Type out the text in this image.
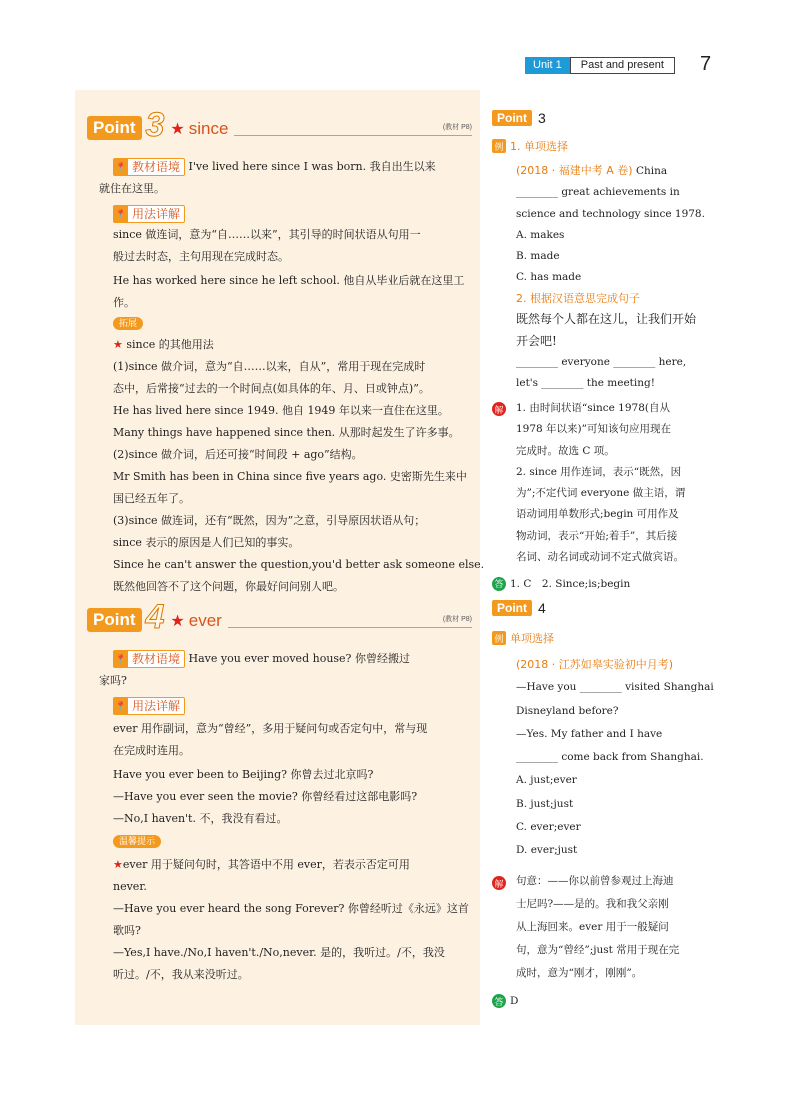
Unit 1	Past and present	7
Point 3 ★ since	(教材 P8)
📍 教材语境 I've lived here since I was born. 我自出生以来
就住在这里。
📍 用法详解
since 做连词，意为“自……以来”，其引导的时间状语从句用一
般过去时态，主句用现在完成时态。
He has worked here since he left school. 他自从毕业后就在这里工
作。
拓展
★ since 的其他用法
(1)since 做介词，意为“自……以来，自从”，常用于现在完成时
态中，后常接“过去的一个时间点(如具体的年、月、日或钟点)”。
He has lived here since 1949. 他自 1949 年以来一直住在这里。
Many things have happened since then. 从那时起发生了许多事。
(2)since 做介词，后还可接“时间段 + ago”结构。
Mr Smith has been in China since five years ago. 史密斯先生来中
国已经五年了。
(3)since 做连词，还有“既然，因为”之意，引导原因状语从句；
since 表示的原因是人们已知的事实。
Since he can't answer the question,you'd better ask someone else.
既然他回答不了这个问题，你最好问问别人吧。
Point 4 ★ ever	(教材 P8)
📍 教材语境 Have you ever moved house? 你曾经搬过
家吗?
📍 用法详解
ever 用作副词，意为“曾经”，多用于疑问句或否定句中，常与现
在完成时连用。
Have you ever been to Beijing? 你曾去过北京吗?
—Have you ever seen the movie? 你曾经看过这部电影吗?
—No,I haven't. 不，我没有看过。
温馨提示
★ever 用于疑问句时，其答语中不用 ever，若表示否定可用
never.
—Have you ever heard the song Forever? 你曾经听过《永远》这首
歌吗?
—Yes,I have./No,I haven't./No,never. 是的，我听过。/不，我没
听过。/不，我从来没听过。
Point 3
例 1. 单项选择
(2018 · 福建中考 A 卷) China
________ great achievements in
science and technology since 1978.
A. makes
B. made
C. has made
2. 根据汉语意思完成句子
既然每个人都在这儿，让我们开始
开会吧!
________ everyone ________ here,
let's ________ the meeting!
解 1. 由时间状语“since 1978(自从
1978 年以来)”可知该句应用现在
完成时。故选 C 项。
2. since 用作连词，表示“既然，因
为”;不定代词 everyone 做主语，谓
语动词用单数形式;begin 可用作及
物动词，表示“开始;着手”，其后接
名词、动名词或动词不定式做宾语。
答 1. C　2. Since;is;begin
Point 4
例 单项选择
(2018 · 江苏如皋实验初中月考)
—Have you ________ visited Shanghai
Disneyland before?
—Yes. My father and I have
________ come back from Shanghai.
A. just;ever
B. just;just
C. ever;ever
D. ever;just
解 句意：——你以前曾参观过上海迪
士尼吗?——是的。我和我父亲刚
从上海回来。ever 用于一般疑问
句，意为“曾经”;just 常用于现在完
成时，意为“刚才，刚刚”。
答 D
